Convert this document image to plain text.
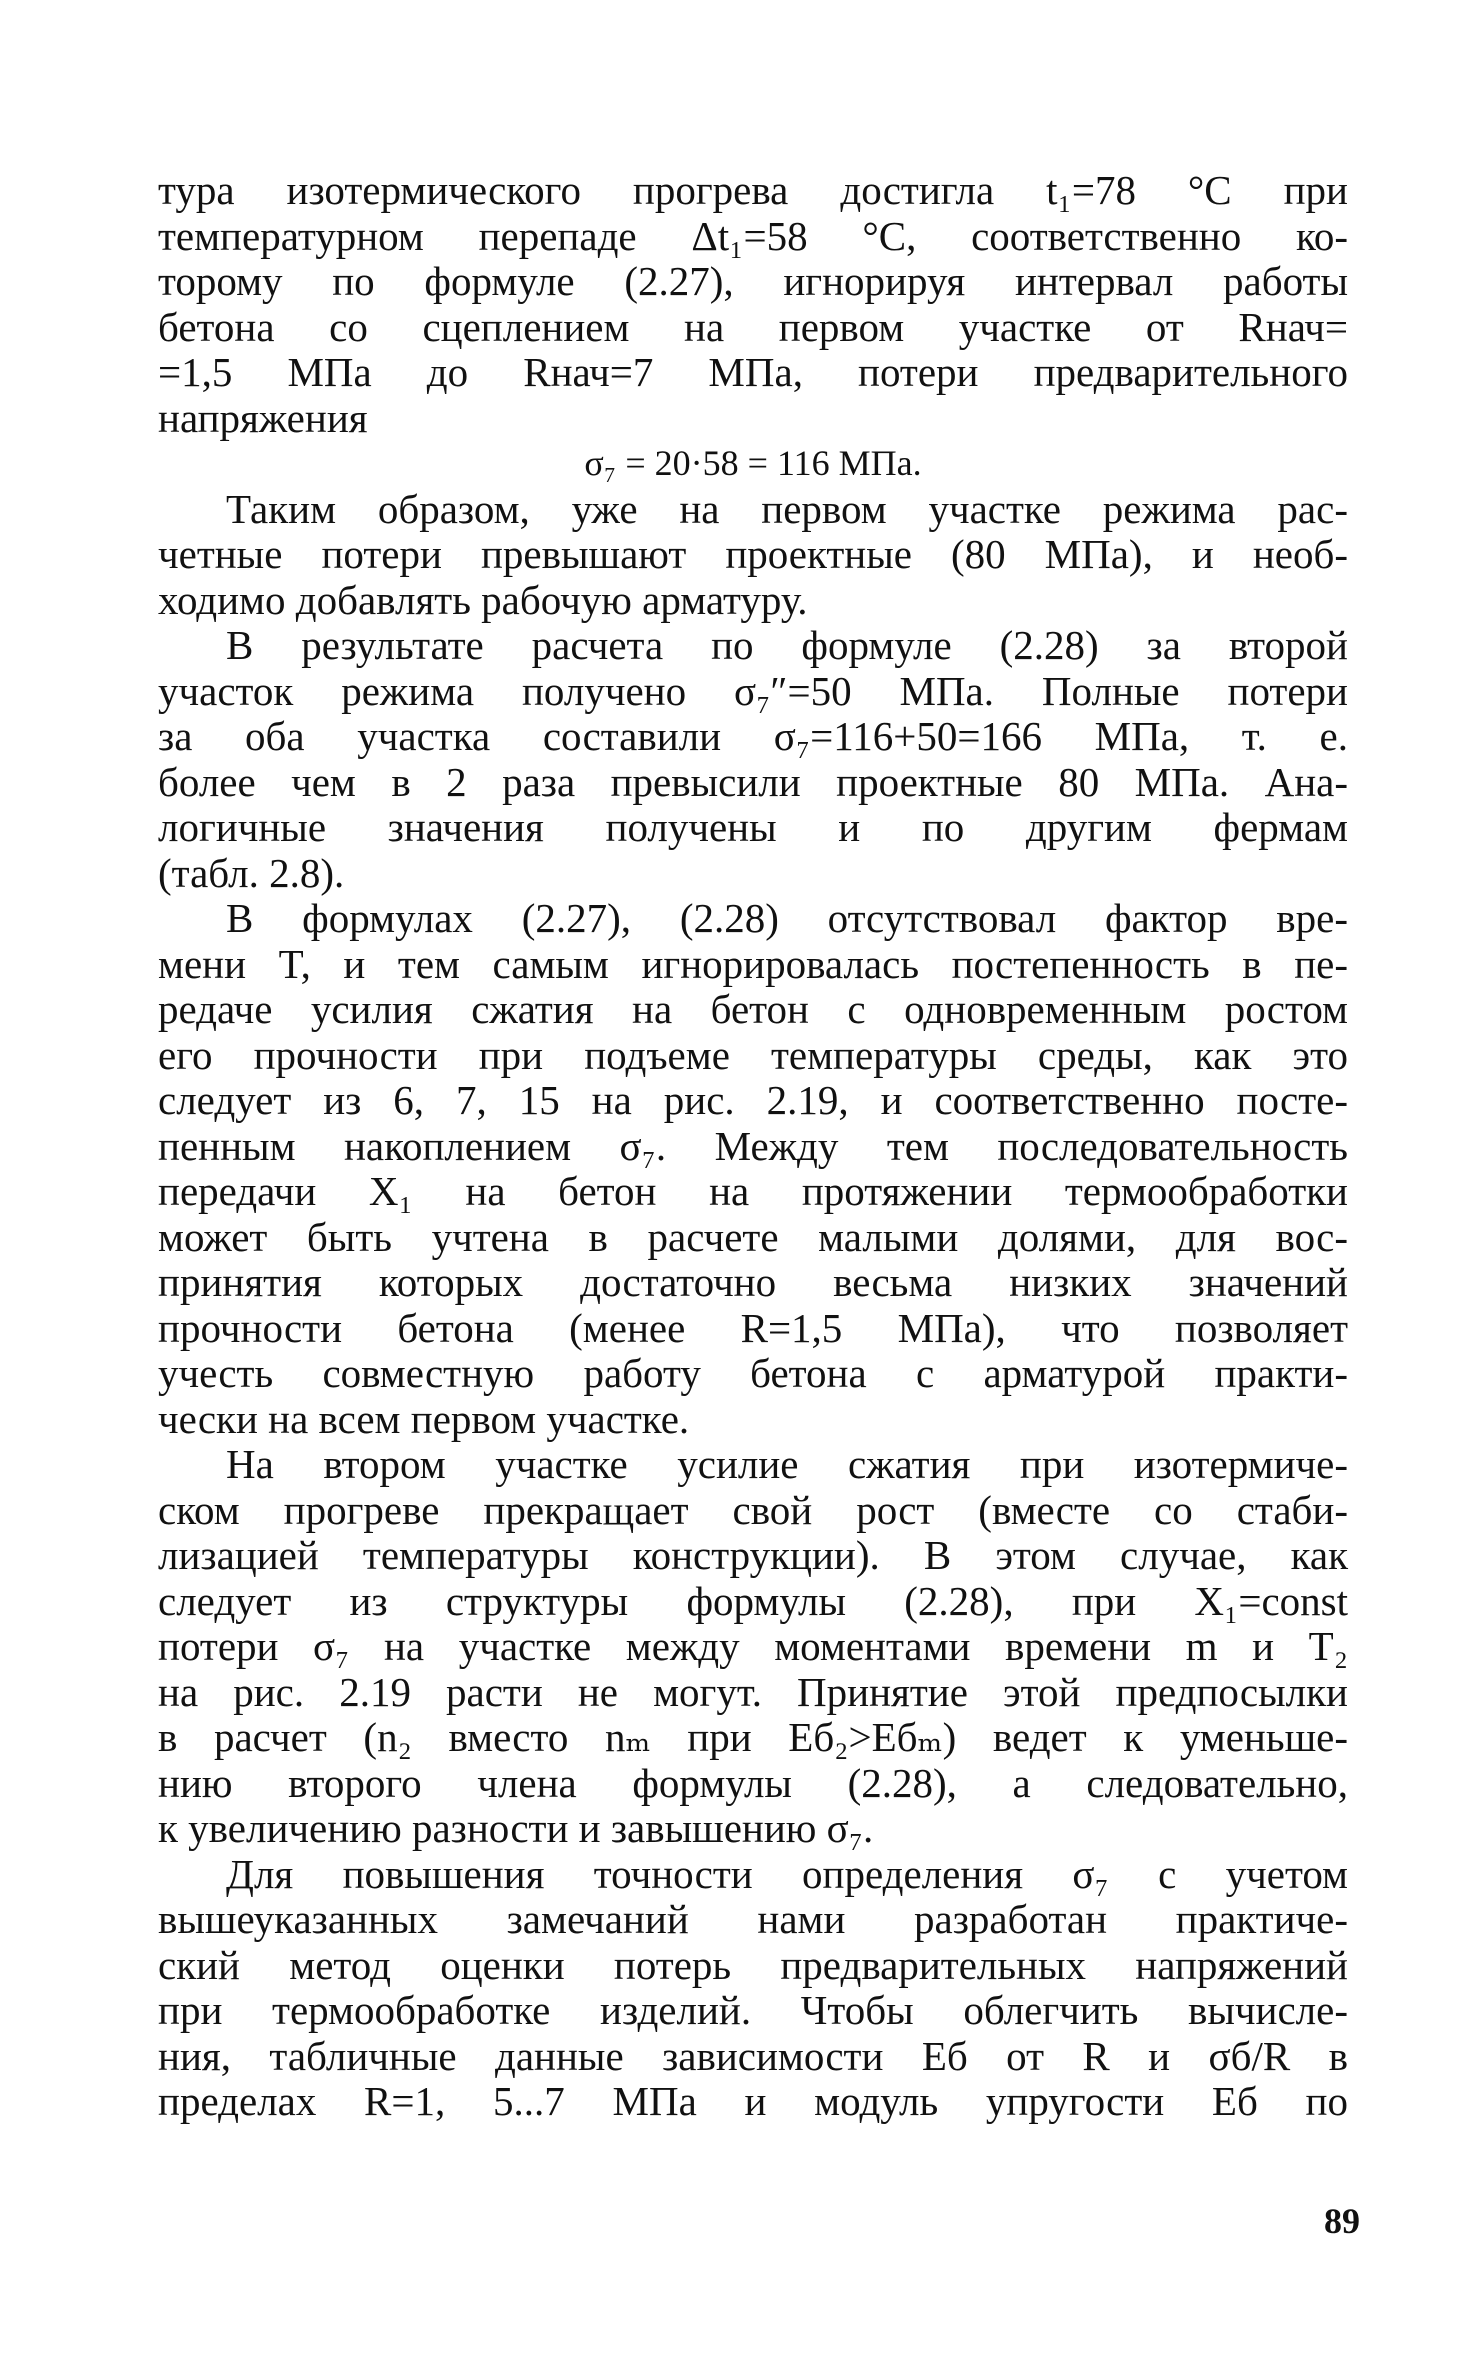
тура изотермического прогрева достигла t₁=78 °C при
температурном перепаде Δt₁=58 °C, соответственно ко-
торому по формуле (2.27), игнорируя интервал работы
бетона со сцеплением на первом участке от Rнач=
=1,5 МПа до Rнач=7 МПа, потери предварительного
напряжения

σ₇ = 20·58 = 116 МПа.

Таким образом, уже на первом участке режима рас-
четные потери превышают проектные (80 МПа), и необ-
ходимо добавлять рабочую арматуру.

В результате расчета по формуле (2.28) за второй
участок режима получено σ₇″=50 МПа. Полные потери
за оба участка составили σ₇=116+50=166 МПа, т. е.
более чем в 2 раза превысили проектные 80 МПа. Ана-
логичные значения получены и по другим фермам
(табл. 2.8).

В формулах (2.27), (2.28) отсутствовал фактор вре-
мени T, и тем самым игнорировалась постепенность в пе-
редаче усилия сжатия на бетон с одновременным ростом
его прочности при подъеме температуры среды, как это
следует из 6, 7, 15 на рис. 2.19, и соответственно посте-
пенным накоплением σ₇. Между тем последовательность
передачи X₁ на бетон на протяжении термообработки
может быть учтена в расчете малыми долями, для вос-
принятия которых достаточно весьма низких значений
прочности бетона (менее R=1,5 МПа), что позволяет
учесть совместную работу бетона с арматурой практи-
чески на всем первом участке.

На втором участке усилие сжатия при изотермиче-
ском прогреве прекращает свой рост (вместе со стаби-
лизацией температуры конструкции). В этом случае, как
следует из структуры формулы (2.28), при X₁=const
потери σ₇ на участке между моментами времени m и T₂
на рис. 2.19 расти не могут. Принятие этой предпосылки
в расчет (n₂ вместо nₘ при Eб₂>Eбₘ) ведет к уменьше-
нию второго члена формулы (2.28), а следовательно,
к увеличению разности и завышению σ₇.

Для повышения точности определения σ₇ с учетом
вышеуказанных замечаний нами разработан практиче-
ский метод оценки потерь предварительных напряжений
при термообработке изделий. Чтобы облегчить вычисле-
ния, табличные данные зависимости Eб от R и σб/R в
пределах R=1, 5...7 МПа и модуль упругости Eб по

89
